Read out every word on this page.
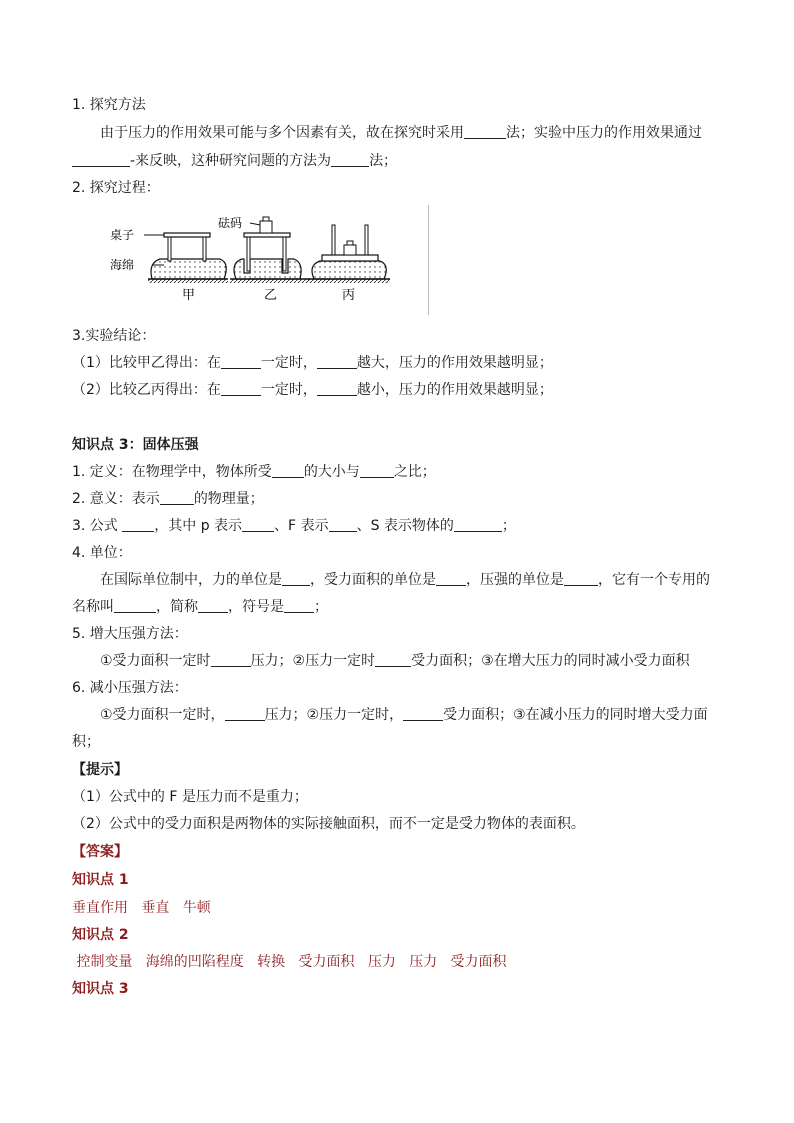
1. 探究方法
由于压力的作用效果可能与多个因素有关，故在探究时采用	法；实验中压力的作用效果通过
-来反映，这种研究问题的方法为	法；
2. 探究过程：
桌子
海绵
砝码
甲	乙	丙
3.实验结论：
（1）比较甲乙得出：在	一定时，	越大，压力的作用效果越明显；
（2）比较乙丙得出：在	一定时，	越小，压力的作用效果越明显；
知识点 3：固体压强
1. 定义：在物理学中，物体所受 的大小与 之比；
2. 意义：表示 的物理量；
3. 公式	，其中 p 表示 、F 表示 、S 表示物体的	；
4. 单位：
在国际单位制中，力的单位是 ，受力面积的单位是 ，压强的单位是 ，它有一个专用的
名称叫	，简称 ，符号是 ；
5. 增大压强方法：
①受力面积一定时	压力；②压力一定时	受力面积；③在增大压力的同时减小受力面积
6. 减小压强方法：
①受力面积一定时，	压力；②压力一定时，	受力面积；③在减小压力的同时增大受力面
积；
【提示】
（1）公式中的 F 是压力而不是重力；
（2）公式中的受力面积是两物体的实际接触面积，而不一定是受力物体的表面积。
【答案】
知识点 1
垂直作用   垂直   牛顿
知识点 2
控制变量   海绵的凹陷程度   转换   受力面积   压力   压力   受力面积
知识点 3
